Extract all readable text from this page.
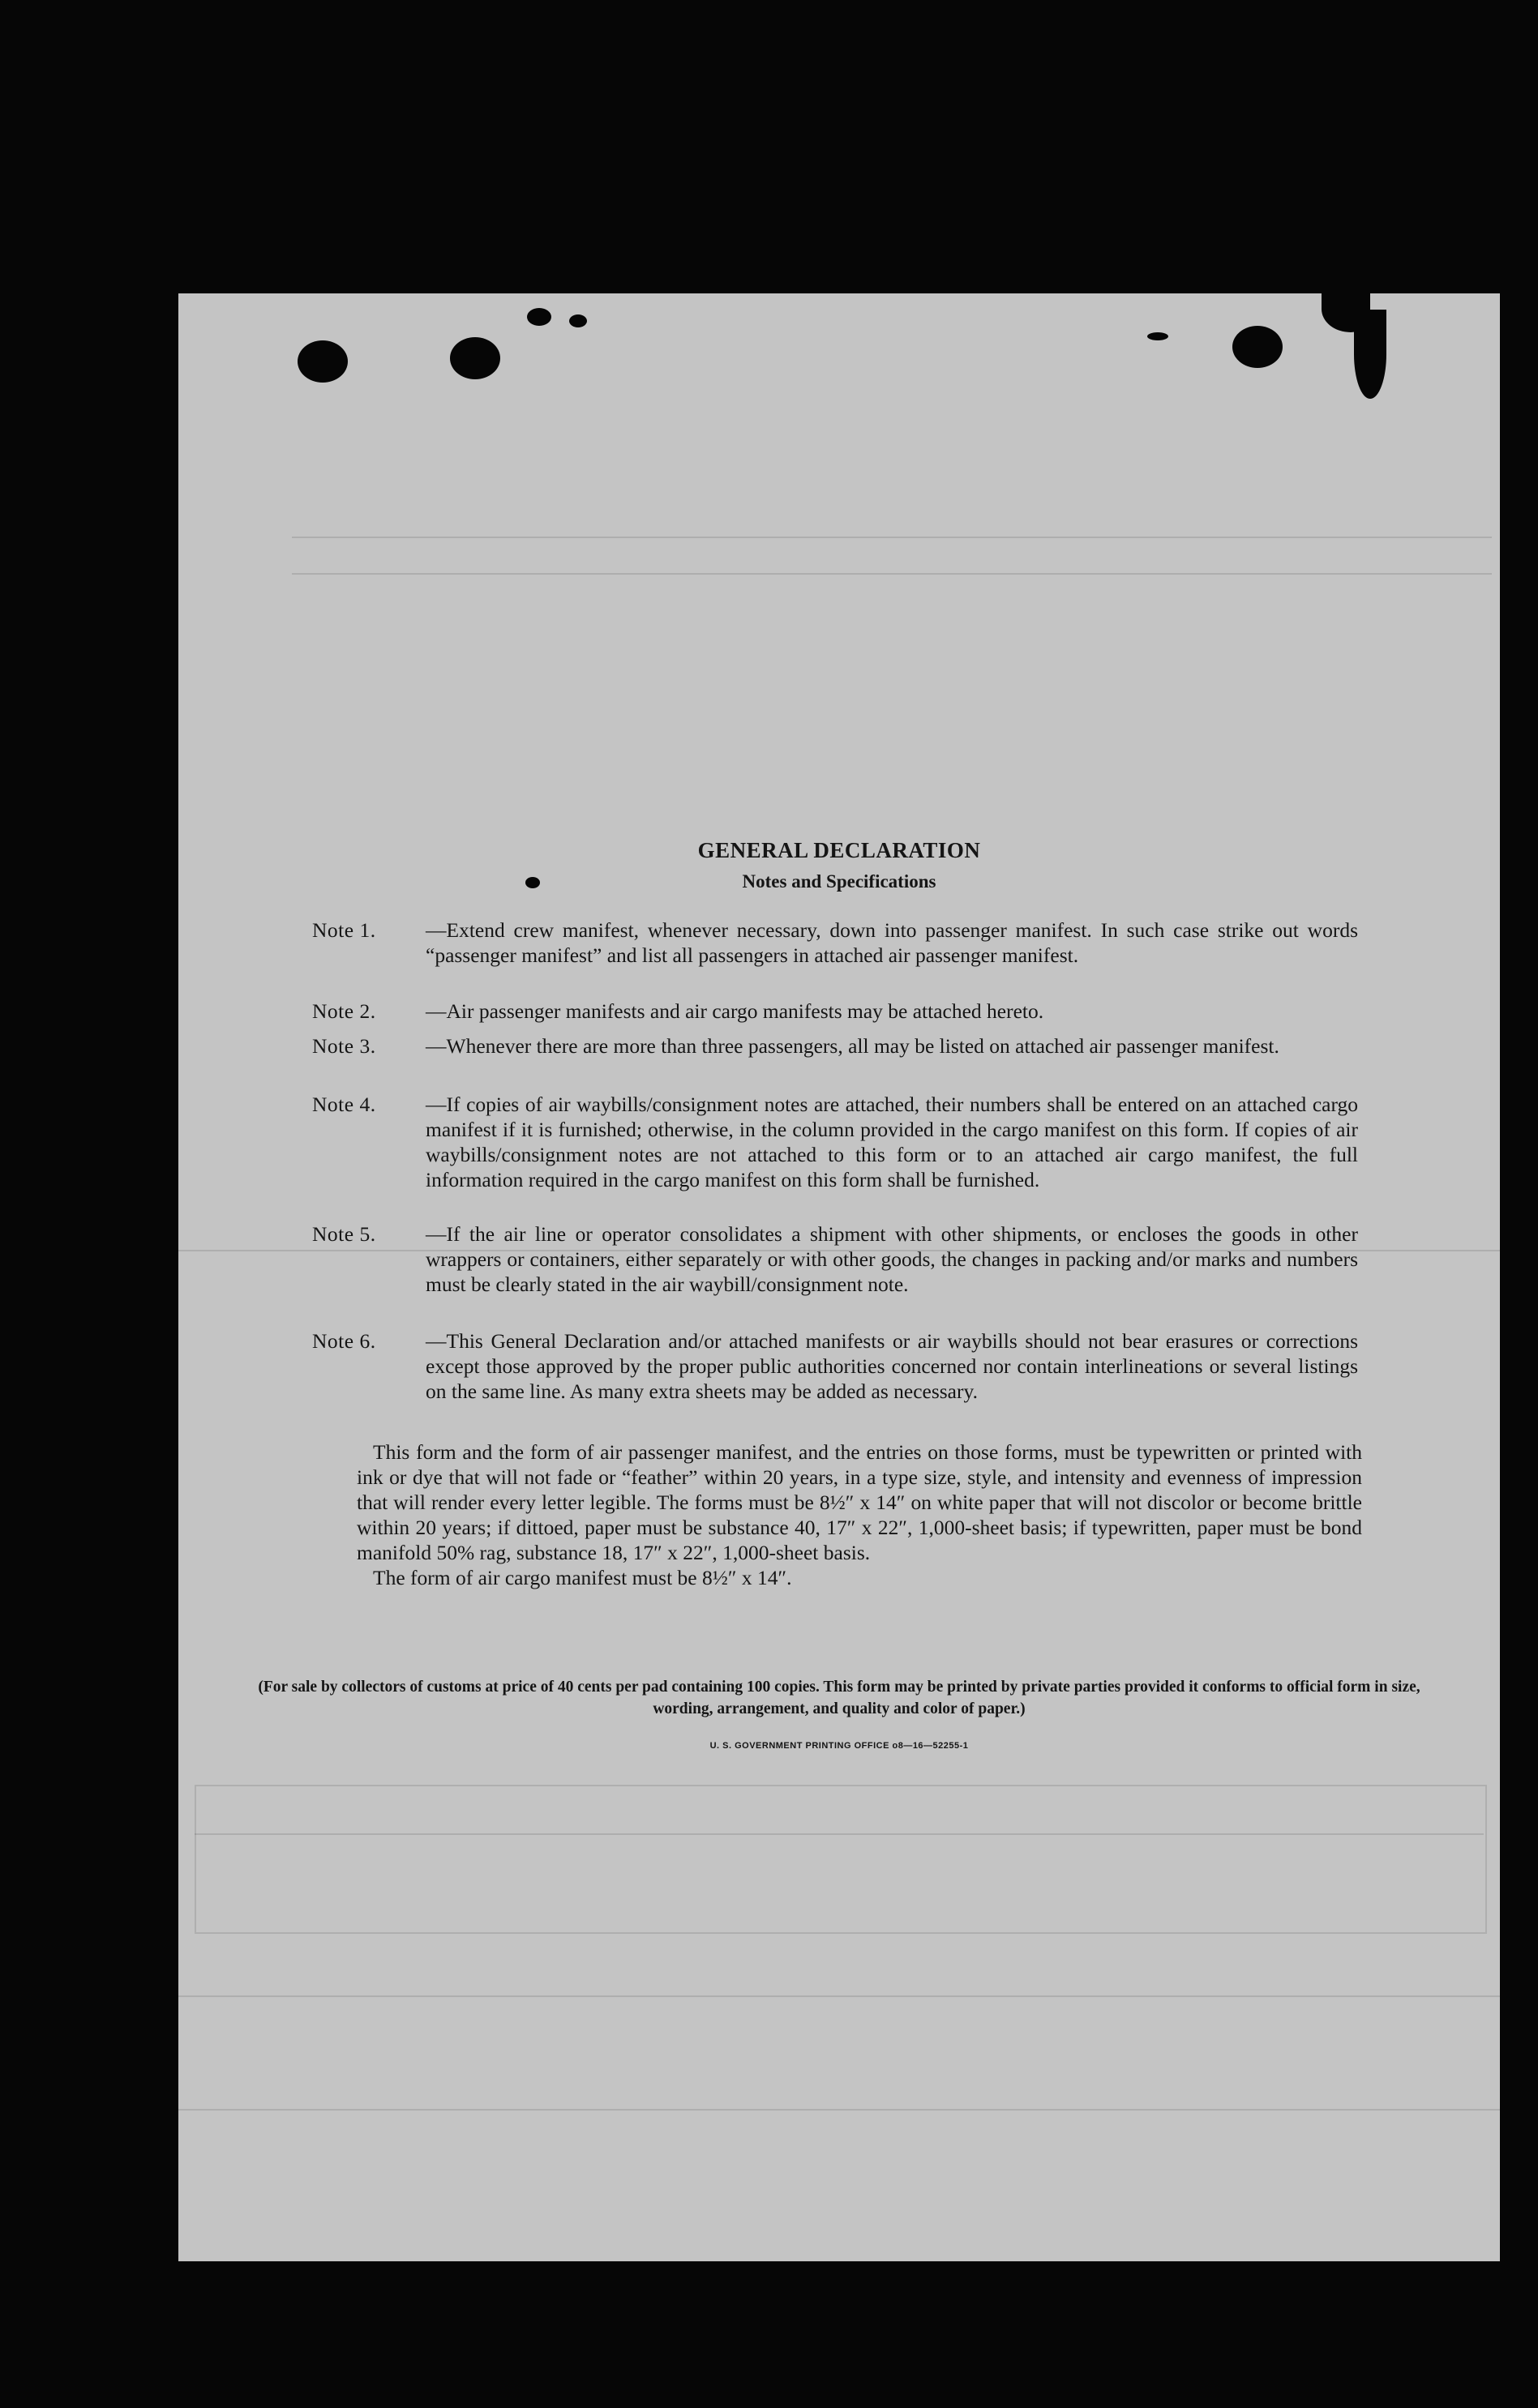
GENERAL DECLARATION
Notes and Specifications
Note 1.	—Extend crew manifest, whenever necessary, down into passenger manifest. In such case strike out words “passenger manifest” and list all passengers in attached air passenger manifest.
Note 2.	—Air passenger manifests and air cargo manifests may be attached hereto.
Note 3.	—Whenever there are more than three passengers, all may be listed on attached air passenger manifest.
Note 4.	—If copies of air waybills/consignment notes are attached, their numbers shall be entered on an attached cargo manifest if it is furnished; otherwise, in the column provided in the cargo manifest on this form. If copies of air waybills/consignment notes are not attached to this form or to an attached air cargo manifest, the full information required in the cargo manifest on this form shall be furnished.
Note 5.	—If the air line or operator consolidates a shipment with other shipments, or encloses the goods in other wrappers or containers, either separately or with other goods, the changes in packing and/or marks and numbers must be clearly stated in the air waybill/consignment note.
Note 6.	—This General Declaration and/or attached manifests or air waybills should not bear erasures or corrections except those approved by the proper public authorities concerned nor contain interlineations or several listings on the same line. As many extra sheets may be added as necessary.
This form and the form of air passenger manifest, and the entries on those forms, must be typewritten or printed with ink or dye that will not fade or “feather” within 20 years, in a type size, style, and intensity and evenness of impression that will render every letter legible. The forms must be 8½″ x 14″ on white paper that will not discolor or become brittle within 20 years; if dittoed, paper must be substance 40, 17″ x 22″, 1,000-sheet basis; if typewritten, paper must be bond manifold 50% rag, substance 18, 17″ x 22″, 1,000-sheet basis.
The form of air cargo manifest must be 8½″ x 14″.
(For sale by collectors of customs at price of 40 cents per pad containing 100 copies. This form may be printed by private parties provided it conforms to official form in size, wording, arrangement, and quality and color of paper.)
U. S. GOVERNMENT PRINTING OFFICE o8—16—52255-1
